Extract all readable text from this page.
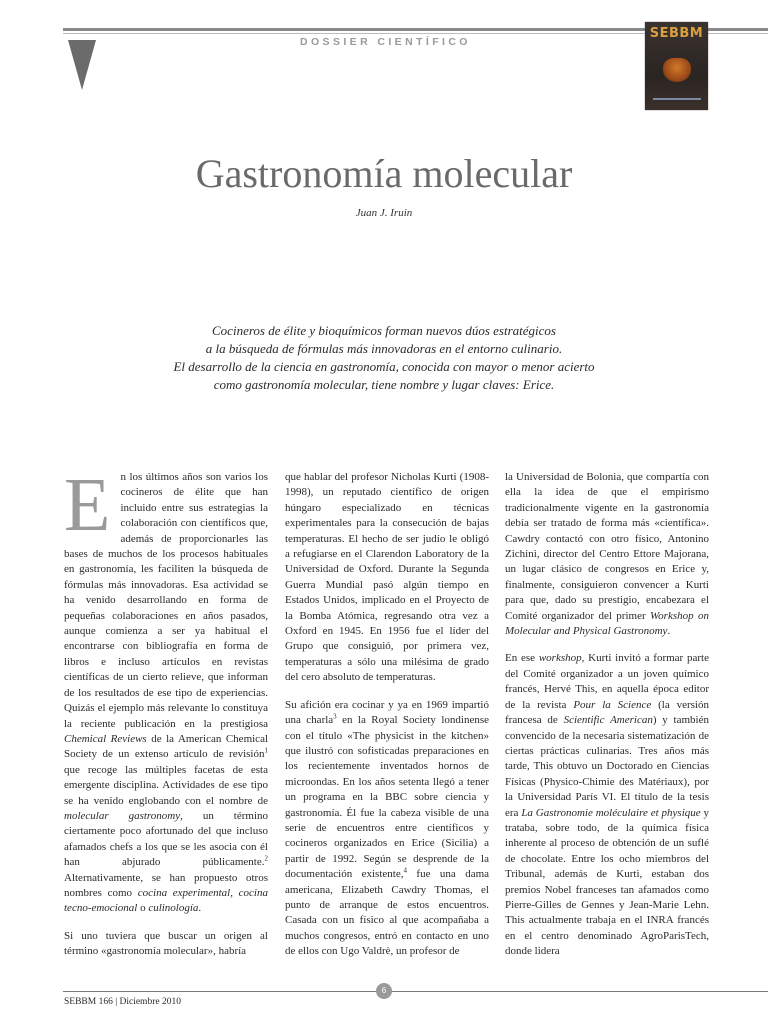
DOSSIER CIENTÍFICO
SEBBM
Gastronomía molecular
Juan J. Iruin
Cocineros de élite y bioquímicos forman nuevos dúos estratégicos
a la búsqueda de fórmulas más innovadoras en el entorno culinario.
El desarrollo de la ciencia en gastronomía, conocida con mayor o menor acierto
como gastronomía molecular, tiene nombre y lugar claves: Erice.

En los últimos años son varios los cocineros de élite que han incluido entre sus estrategias la colaboración con científicos que, además de proporcionarles las bases de muchos de los procesos habituales en gastronomía, les faciliten la búsqueda de fórmulas más innovadoras. Esa actividad se ha venido desarrollando en forma de pequeñas colaboraciones en años pasados, aunque comienza a ser ya habitual el encontrarse con bibliografía en forma de libros e incluso artículos en revistas científicas de un cierto relieve, que informan de los resultados de ese tipo de experiencias. Quizás el ejemplo más relevante lo constituya la reciente publicación en la prestigiosa Chemical Reviews de la American Chemical Society de un extenso artículo de revisión$^1$ que recoge las múltiples facetas de esta emergente disciplina. Actividades de ese tipo se ha venido englobando con el nombre de molecular gastronomy, un término ciertamente poco afortunado del que incluso afamados chefs a los que se les asocia con él han abjurado públicamente.$^2$ Alternativamente, se han propuesto otros nombres como cocina experimental, cocina tecno-emocional o culinología.

Si uno tuviera que buscar un origen al término «gastronomía molecular», habría

que hablar del profesor Nicholas Kurti (1908-1998), un reputado científico de origen húngaro especializado en técnicas experimentales para la consecución de bajas temperaturas. El hecho de ser judío le obligó a refugiarse en el Clarendon Laboratory de la Universidad de Oxford. Durante la Segunda Guerra Mundial pasó algún tiempo en Estados Unidos, implicado en el Proyecto de la Bomba Atómica, regresando otra vez a Oxford en 1945. En 1956 fue el líder del Grupo que consiguió, por primera vez, temperaturas a sólo una milésima de grado del cero absoluto de temperaturas.

Su afición era cocinar y ya en 1969 impartió una charla$^3$ en la Royal Society londinense con el título «The physicist in the kitchen» que ilustró con sofisticadas preparaciones en los recientemente inventados hornos de microondas. En los años setenta llegó a tener un programa en la BBC sobre ciencia y gastronomía. Él fue la cabeza visible de una serie de encuentros entre científicos y cocineros organizados en Erice (Sicilia) a partir de 1992. Según se desprende de la documentación existente,$^4$ fue una dama americana, Elizabeth Cawdry Thomas, el punto de arranque de estos encuentros. Casada con un físico al que acompañaba a muchos congresos, entró en contacto en uno de ellos con Ugo Valdrè, un profesor de

la Universidad de Bolonia, que compartía con ella la idea de que el empirismo tradicionalmente vigente en la gastronomía debía ser tratado de forma más «científica». Cawdry contactó con otro físico, Antonino Zichini, director del Centro Ettore Majorana, un lugar clásico de congresos en Erice y, finalmente, consiguieron convencer a Kurti para que, dado su prestigio, encabezara el Comité organizador del primer Workshop on Molecular and Physical Gastronomy.

En ese workshop, Kurti invitó a formar parte del Comité organizador a un joven químico francés, Hervé This, en aquella época editor de la revista Pour la Science (la versión francesa de Scientific American) y también convencido de la necesaria sistematización de ciertas prácticas culinarias. Tres años más tarde, This obtuvo un Doctorado en Ciencias Físicas (Physico-Chimie des Matériaux), por la Universidad París VI. El título de la tesis era La Gastronomie moléculaire et physique y trataba, sobre todo, de la química física inherente al proceso de obtención de un suflé de chocolate. Entre los ocho miembros del Tribunal, además de Kurti, estaban dos premios Nobel franceses tan afamados como Pierre-Gilles de Gennes y Jean-Marie Lehn. This actualmente trabaja en el INRA francés en el centro denominado AgroParisTech, donde lidera

6
SEBBM 166 | Diciembre 2010
